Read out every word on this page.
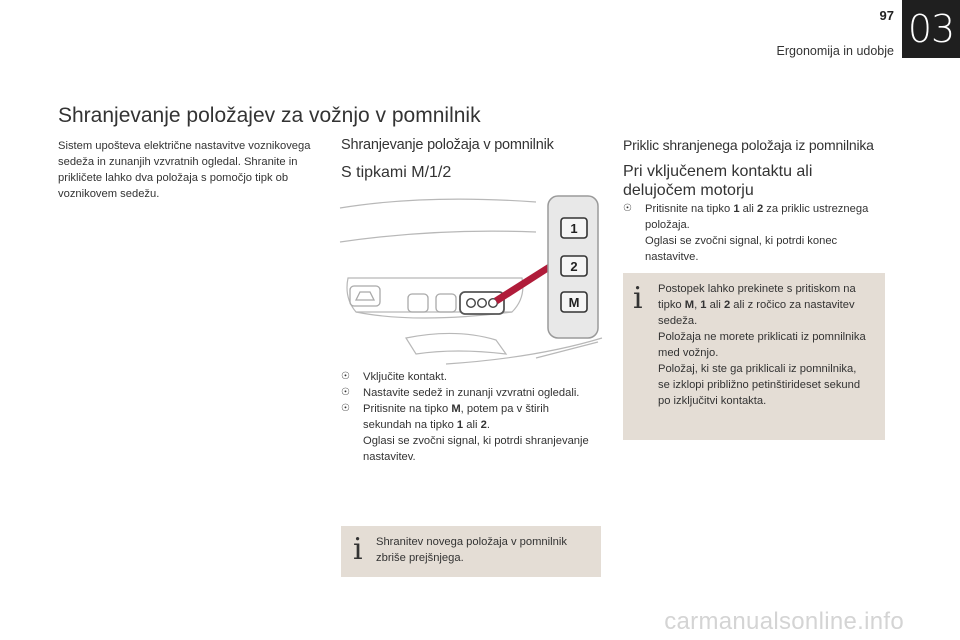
97
Ergonomija in udobje 03
Shranjevanje položajev za vožnjo v pomnilnik
Sistem upošteva električne nastavitve voznikovega sedeža in zunanjih vzvratnih ogledal. Shranite in prikličete lahko dva položaja s pomočjo tipk ob voznikovem sedežu.
Shranjevanje položaja v pomnilnik
S tipkami M/1/2
1
2
M
☉	Vključite kontakt.
☉	Nastavite sedež in zunanji vzvratni ogledali.
☉	Pritisnite na tipko M, potem pa v štirih sekundah na tipko 1 ali 2.
Oglasi se zvočni signal, ki potrdi shranjevanje nastavitev.
i Shranitev novega položaja v pomnilnik zbriše prejšnjega.
Priklic shranjenega položaja iz pomnilnika
Pri vključenem kontaktu ali delujočem motorju
☉	Pritisnite na tipko 1 ali 2 za priklic ustreznega položaja.
Oglasi se zvočni signal, ki potrdi konec nastavitve.
i Postopek lahko prekinete s pritiskom na tipko M, 1 ali 2 ali z ročico za nastavitev sedeža.
Položaja ne morete priklicati iz pomnilnika med vožnjo.
Položaj, ki ste ga priklicali iz pomnilnika, se izklopi približno petinštirideset sekund po izključitvi kontakta.
carmanualsonline.info
